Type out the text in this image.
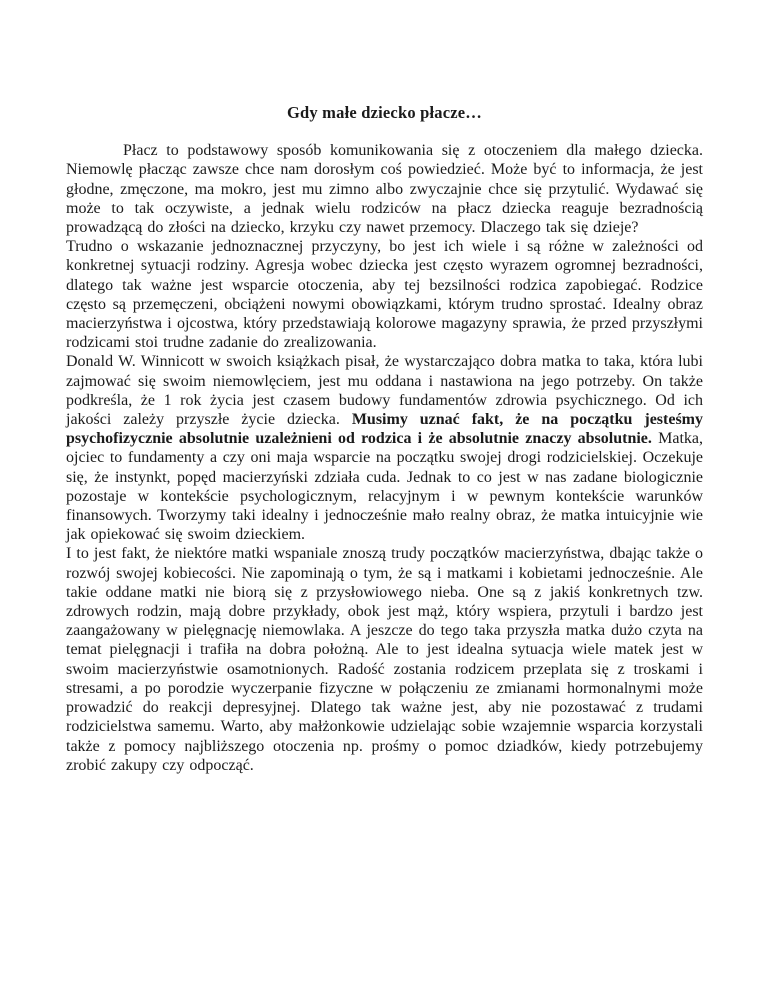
Gdy małe dziecko płacze…

Płacz to podstawowy sposób komunikowania się z otoczeniem dla małego dziecka. Niemowlę płacząc zawsze chce nam dorosłym coś powiedzieć. Może być to informacja, że jest głodne, zmęczone, ma mokro, jest mu zimno albo zwyczajnie chce się przytulić. Wydawać się może to tak oczywiste, a jednak wielu rodziców na płacz dziecka reaguje bezradnością prowadzącą do złości na dziecko, krzyku czy nawet przemocy. Dlaczego tak się dzieje?

Trudno o wskazanie jednoznacznej przyczyny, bo jest ich wiele i są różne w zależności od konkretnej sytuacji rodziny. Agresja wobec dziecka jest często wyrazem ogromnej bezradności, dlatego tak ważne jest wsparcie otoczenia, aby tej bezsilności rodzica zapobiegać. Rodzice często są przemęczeni, obciążeni nowymi obowiązkami, którym trudno sprostać. Idealny obraz macierzyństwa i ojcostwa, który przedstawiają kolorowe magazyny sprawia, że przed przyszłymi rodzicami stoi trudne zadanie do zrealizowania.

Donald W. Winnicott w swoich książkach pisał, że wystarczająco dobra matka to taka, która lubi zajmować się swoim niemowlęciem, jest mu oddana i nastawiona na jego potrzeby. On także podkreśla, że 1 rok życia jest czasem budowy fundamentów zdrowia psychicznego. Od ich jakości zależy przyszłe życie dziecka. Musimy uznać fakt, że na początku jesteśmy psychofizycznie absolutnie uzależnieni od rodzica i że absolutnie znaczy absolutnie. Matka, ojciec to fundamenty a czy oni maja wsparcie na początku swojej drogi rodzicielskiej. Oczekuje się, że instynkt, popęd macierzyński zdziała cuda. Jednak to co jest w nas zadane biologicznie pozostaje w kontekście psychologicznym, relacyjnym i w pewnym kontekście warunków finansowych. Tworzymy taki idealny i jednocześnie mało realny obraz, że matka intuicyjnie wie jak opiekować się swoim dzieckiem.

I to jest fakt, że niektóre matki wspaniale znoszą trudy początków macierzyństwa, dbając także o rozwój swojej kobiecości. Nie zapominają o tym, że są i matkami i kobietami jednocześnie. Ale takie oddane matki nie biorą się z przysłowiowego nieba. One są z jakiś konkretnych tzw. zdrowych rodzin, mają dobre przykłady, obok jest mąż, który wspiera, przytuli i bardzo jest zaangażowany w pielęgnację niemowlaka. A jeszcze do tego taka przyszła matka dużo czyta na temat pielęgnacji i trafiła na dobra położną. Ale to jest idealna sytuacja wiele matek jest w swoim macierzyństwie osamotnionych. Radość zostania rodzicem przeplata się z troskami i stresami, a po porodzie wyczerpanie fizyczne w połączeniu ze zmianami hormonalnymi może prowadzić do reakcji depresyjnej. Dlatego tak ważne jest, aby nie pozostawać z trudami rodzicielstwa samemu. Warto, aby małżonkowie udzielając sobie wzajemnie wsparcia korzystali także z pomocy najbliższego otoczenia np. prośmy o pomoc dziadków, kiedy potrzebujemy zrobić zakupy czy odpocząć.
